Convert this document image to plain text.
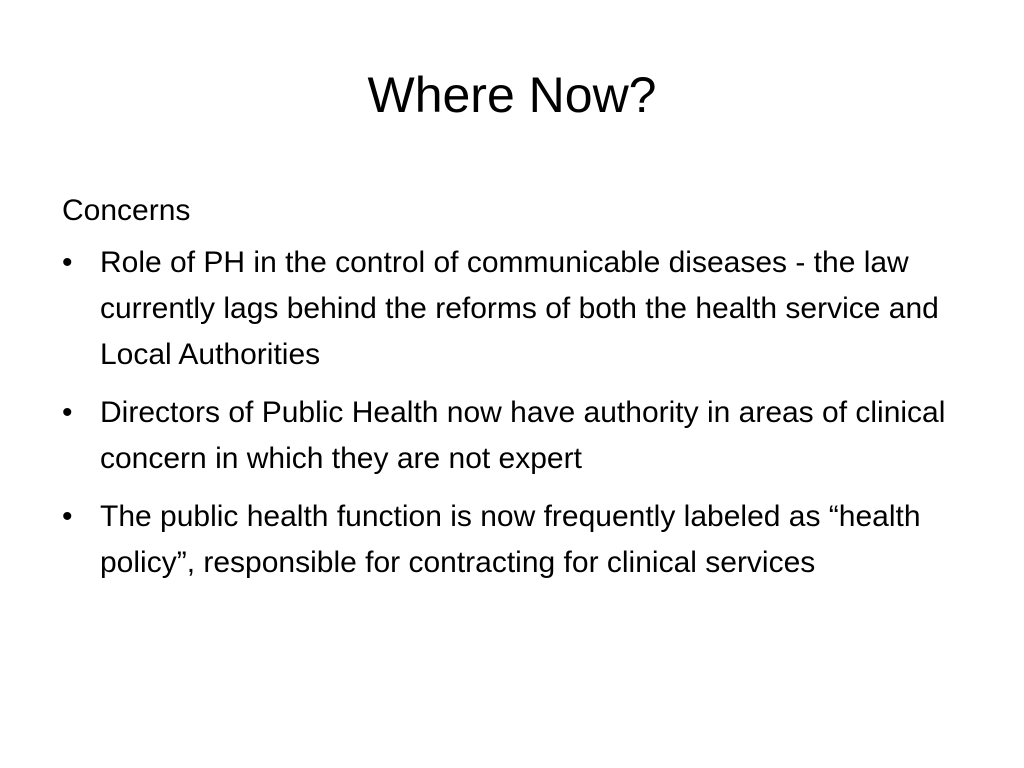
Where Now?

Concerns

• Role of PH in the control of communicable diseases - the law currently lags behind the reforms of both the health service and Local Authorities
• Directors of Public Health now have authority in areas of clinical concern in which they are not expert
• The public health function is now frequently labeled as “health policy”, responsible for contracting for clinical services
